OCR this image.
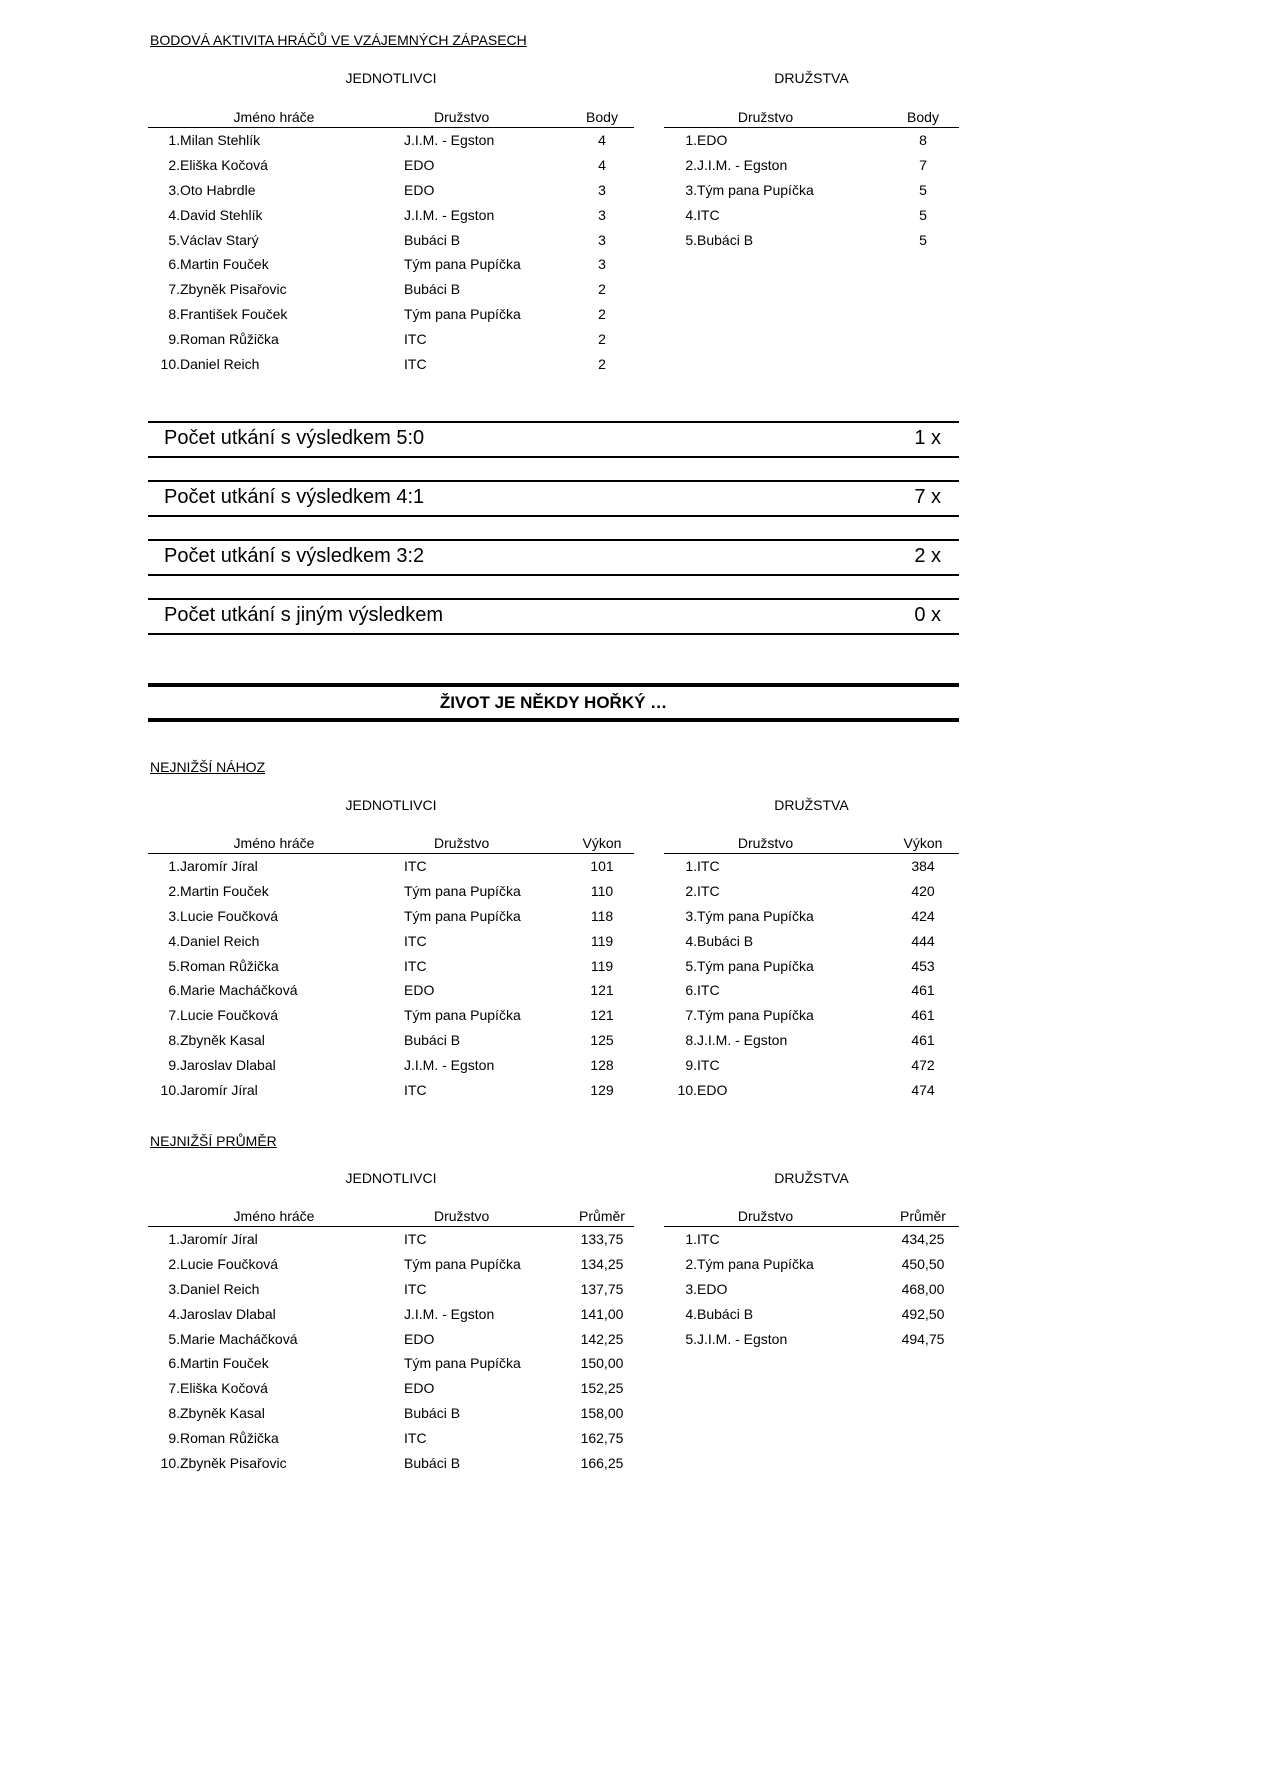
BODOVÁ AKTIVITA HRÁČŮ VE VZÁJEMNÝCH ZÁPASECH
JEDNOTLIVCI	DRUŽSTVA
Jméno hráče		Družstvo	Body
1.	Milan Stehlík	J.I.M. - Egston	4
2.	Eliška Kočová	EDO	4
3.	Oto Habrdle	EDO	3
4.	David Stehlík	J.I.M. - Egston	3
5.	Václav Starý	Bubáci B	3
6.	Martin Fouček	Tým pana Pupíčka	3
7.	Zbyněk Pisařovic	Bubáci B	2
8.	František Fouček	Tým pana Pupíčka	2
9.	Roman Růžička	ITC	2
10.	Daniel Reich	ITC	2
Družstvo		Body
1.	EDO	8
2.	J.I.M. - Egston	7
3.	Tým pana Pupíčka	5
4.	ITC	5
5.	Bubáci B	5
Počet utkání s výsledkem 5:0	1 x
Počet utkání s výsledkem 4:1	7 x
Počet utkání s výsledkem 3:2	2 x
Počet utkání s jiným výsledkem	0 x
ŽIVOT JE NĚKDY HOŘKÝ …
NEJNIŽŠÍ NÁHOZ
JEDNOTLIVCI	DRUŽSTVA
Jméno hráče		Družstvo	Výkon
1.	Jaromír Jíral	ITC	101
2.	Martin Fouček	Tým pana Pupíčka	110
3.	Lucie Foučková	Tým pana Pupíčka	118
4.	Daniel Reich	ITC	119
5.	Roman Růžička	ITC	119
6.	Marie Macháčková	EDO	121
7.	Lucie Foučková	Tým pana Pupíčka	121
8.	Zbyněk Kasal	Bubáci B	125
9.	Jaroslav Dlabal	J.I.M. - Egston	128
10.	Jaromír Jíral	ITC	129
Družstvo		Výkon
1.	ITC	384
2.	ITC	420
3.	Tým pana Pupíčka	424
4.	Bubáci B	444
5.	Tým pana Pupíčka	453
6.	ITC	461
7.	Tým pana Pupíčka	461
8.	J.I.M. - Egston	461
9.	ITC	472
10.	EDO	474
NEJNIŽŠÍ PRŮMĚR
JEDNOTLIVCI	DRUŽSTVA
Jméno hráče		Družstvo	Průměr
1.	Jaromír Jíral	ITC	133,75
2.	Lucie Foučková	Tým pana Pupíčka	134,25
3.	Daniel Reich	ITC	137,75
4.	Jaroslav Dlabal	J.I.M. - Egston	141,00
5.	Marie Macháčková	EDO	142,25
6.	Martin Fouček	Tým pana Pupíčka	150,00
7.	Eliška Kočová	EDO	152,25
8.	Zbyněk Kasal	Bubáci B	158,00
9.	Roman Růžička	ITC	162,75
10.	Zbyněk Pisařovic	Bubáci B	166,25
Družstvo		Průměr
1.	ITC	434,25
2.	Tým pana Pupíčka	450,50
3.	EDO	468,00
4.	Bubáci B	492,50
5.	J.I.M. - Egston	494,75
